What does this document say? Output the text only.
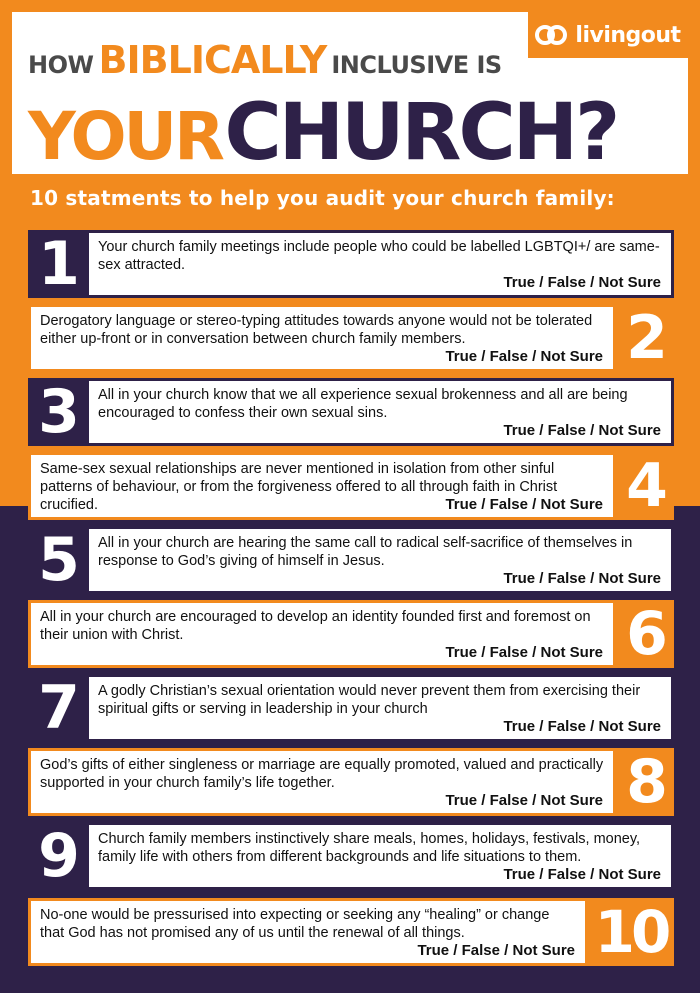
livingout
HOW BIBLICALLY INCLUSIVE IS
YOUR CHURCH?
10 statments to help you audit your church family:
1	Your church family meetings include people who could be labelled LGBTQI+/ are same-sex attracted.
True / False / Not Sure
Derogatory language or stereo-typing attitudes towards anyone would not be tolerated either up-front or in conversation between church family members.
True / False / Not Sure 2
3	All in your church know that we all experience sexual brokenness and all are being encouraged to confess their own sexual sins.
True / False / Not Sure
Same-sex sexual relationships are never mentioned in isolation from other sinful patterns of behaviour, or from the forgiveness offered to all through faith in Christ crucified.	True / False / Not Sure 4
5	All in your church are hearing the same call to radical self-sacrifice of themselves in response to God’s giving of himself in Jesus.
True / False / Not Sure
All in your church are encouraged to develop an identity founded first and foremost on their union with Christ.
True / False / Not Sure 6
7	A godly Christian’s sexual orientation would never prevent them from exercising their spiritual gifts or serving in leadership in your church
True / False / Not Sure
God’s gifts of either singleness or marriage are equally promoted, valued and practically supported in your church family’s life together.
True / False / Not Sure 8
9	Church family members instinctively share meals, homes, holidays, festivals, money, family life with others from different backgrounds and life situations to them.
True / False / Not Sure
No-one would be pressurised into expecting or seeking any “healing” or change that God has not promised any of us until the renewal of all things.
True / False / Not Sure 10
